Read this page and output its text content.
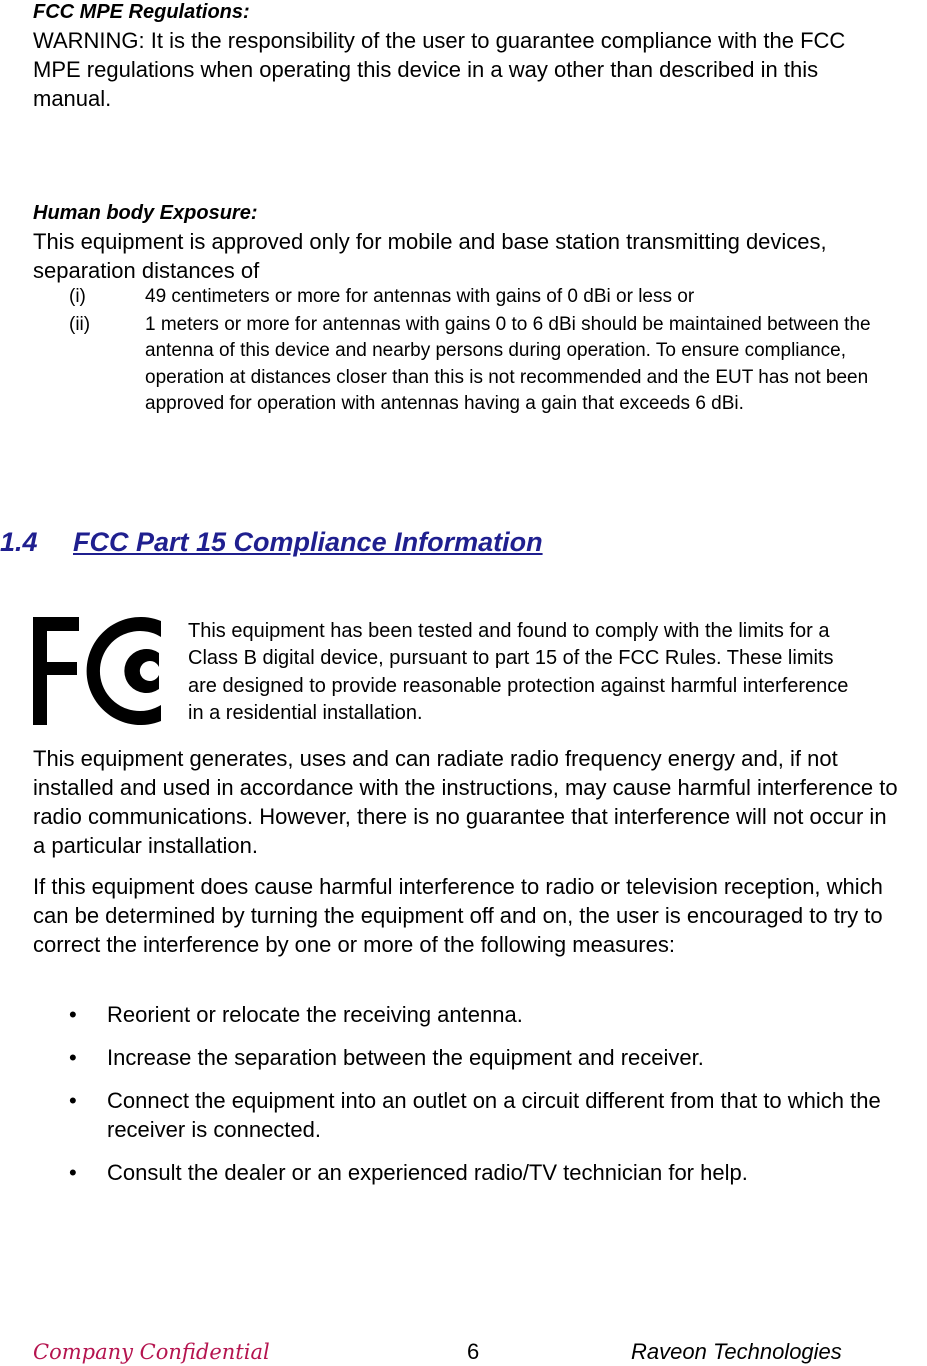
FCC MPE Regulations:

WARNING: It is the responsibility of the user to guarantee compliance with the FCC MPE regulations when operating this device in a way other than described in this manual.

Human body Exposure:

This equipment is approved only for mobile and base station transmitting devices, separation distances of

(i)	49 centimeters or more for antennas with gains of 0 dBi or less or
(ii)	1 meters or more for antennas with gains 0 to 6 dBi should be maintained between the antenna of this device and nearby persons during operation. To ensure compliance, operation at distances closer than this is not recommended and the EUT has not been approved for operation with antennas having a gain that exceeds 6 dBi.
1.4 FCC Part 15 Compliance Information
This equipment has been tested and found to comply with the limits for a
Class B digital device, pursuant to part 15 of the FCC Rules. These limits
are designed to provide reasonable protection against harmful interference
in a residential installation.

This equipment generates, uses and can radiate radio frequency energy and, if not installed and used in accordance with the instructions, may cause harmful interference to radio communications. However, there is no guarantee that interference will not occur in a particular installation.

If this equipment does cause harmful interference to radio or television reception, which can be determined by turning the equipment off and on, the user is encouraged to try to correct the interference by one or more of the following measures:

• Reorient or relocate the receiving antenna.
• Increase the separation between the equipment and receiver.
• Connect the equipment into an outlet on a circuit different from that to which the receiver is connected.
• Consult the dealer or an experienced radio/TV technician for help.
Company Confidential	6	Raveon Technologies
